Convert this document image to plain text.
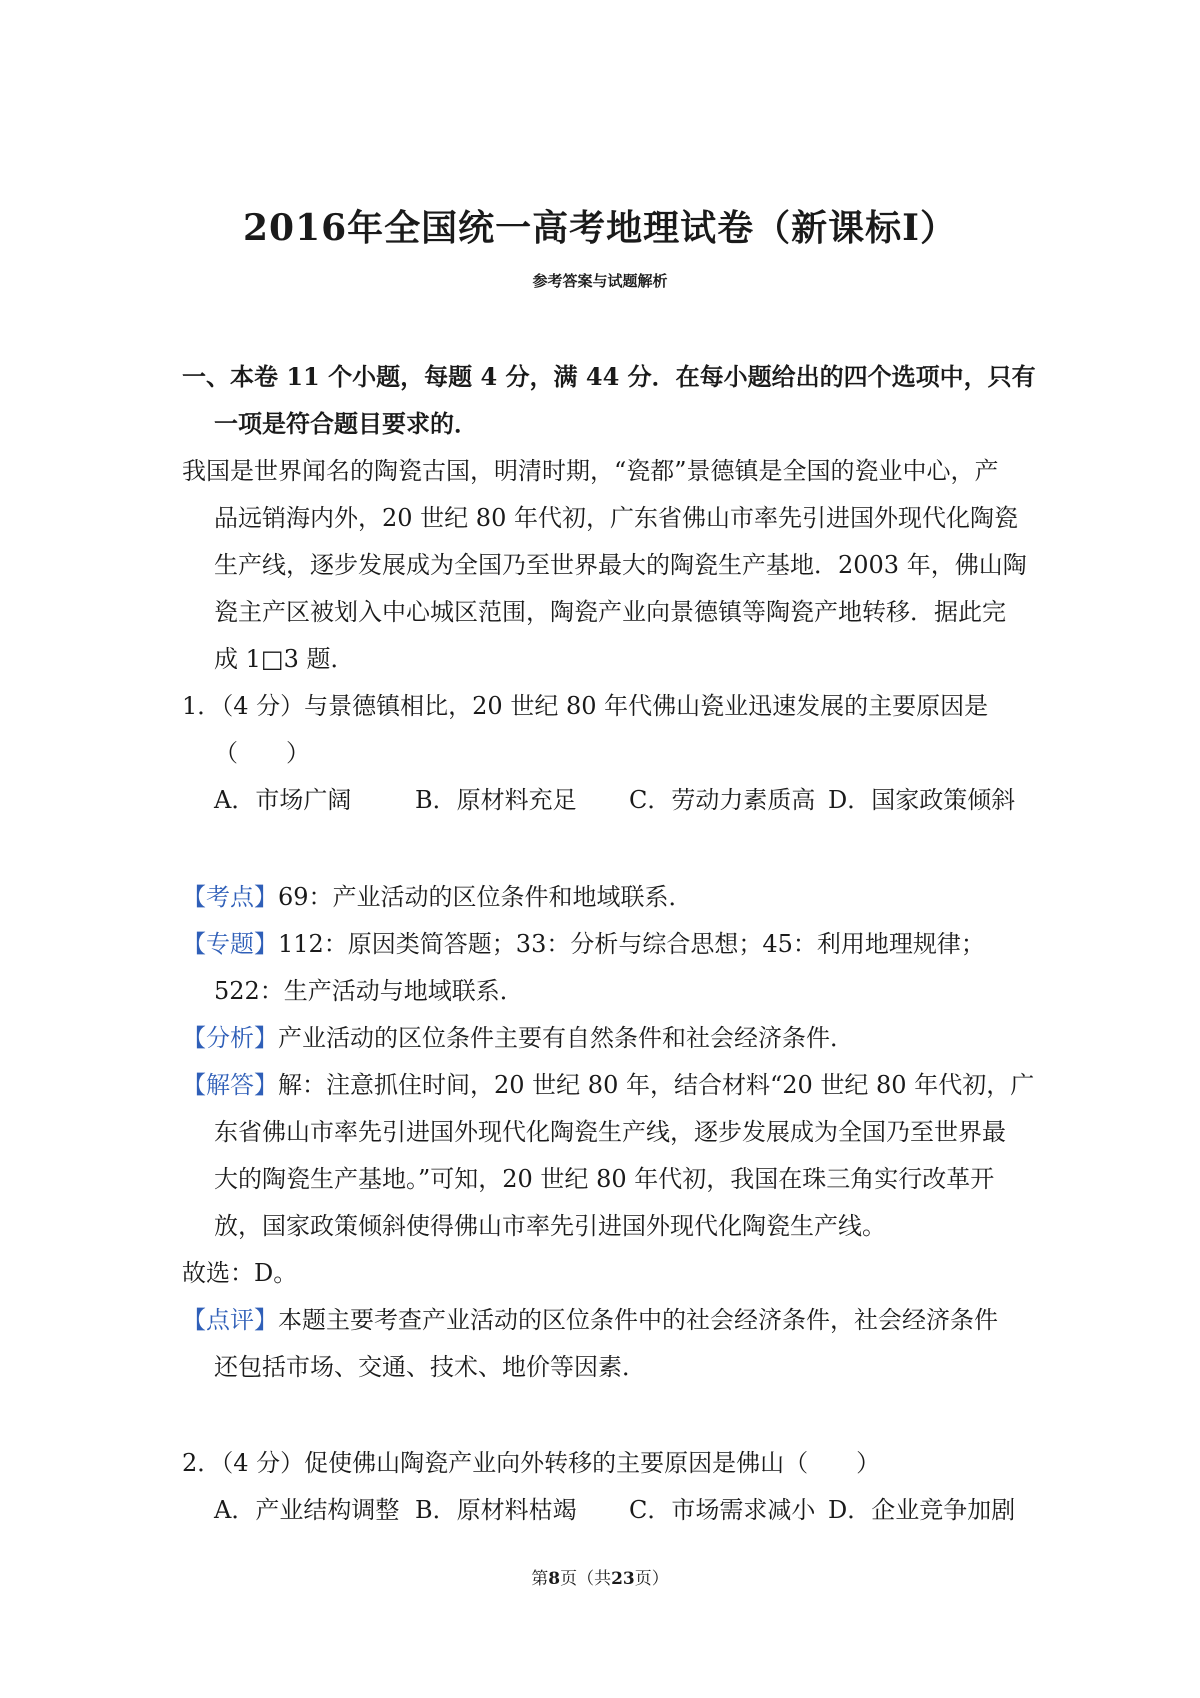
2016年全国统一高考地理试卷（新课标I）
参考答案与试题解析
一、本卷 11 个小题，每题 4 分，满 44 分．在每小题给出的四个选项中，只有
一项是符合题目要求的．
我国是世界闻名的陶瓷古国，明清时期，“瓷都”景德镇是全国的瓷业中心，产
品远销海内外，20 世纪 80 年代初，广东省佛山市率先引进国外现代化陶瓷
生产线，逐步发展成为全国乃至世界最大的陶瓷生产基地．2003 年，佛山陶
瓷主产区被划入中心城区范围，陶瓷产业向景德镇等陶瓷产地转移．据此完
成 1□3 题．
1．（4 分）与景德镇相比，20 世纪 80 年代佛山瓷业迅速发展的主要原因是
（　　）
A．市场广阔	B．原材料充足 C．劳动力素质高 D．国家政策倾斜
【考点】69：产业活动的区位条件和地域联系．
【专题】112：原因类简答题；33：分析与综合思想；45：利用地理规律；
522：生产活动与地域联系．
【分析】产业活动的区位条件主要有自然条件和社会经济条件．
【解答】解：注意抓住时间，20 世纪 80 年，结合材料“20 世纪 80 年代初，广
东省佛山市率先引进国外现代化陶瓷生产线，逐步发展成为全国乃至世界最
大的陶瓷生产基地。”可知，20 世纪 80 年代初，我国在珠三角实行改革开
放，国家政策倾斜使得佛山市率先引进国外现代化陶瓷生产线。
故选：D。
【点评】本题主要考查产业活动的区位条件中的社会经济条件，社会经济条件
还包括市场、交通、技术、地价等因素．
2．（4 分）促使佛山陶瓷产业向外转移的主要原因是佛山（　　）
A．产业结构调整 B．原材料枯竭 C．市场需求减小 D．企业竞争加剧
第8页（共23页）
